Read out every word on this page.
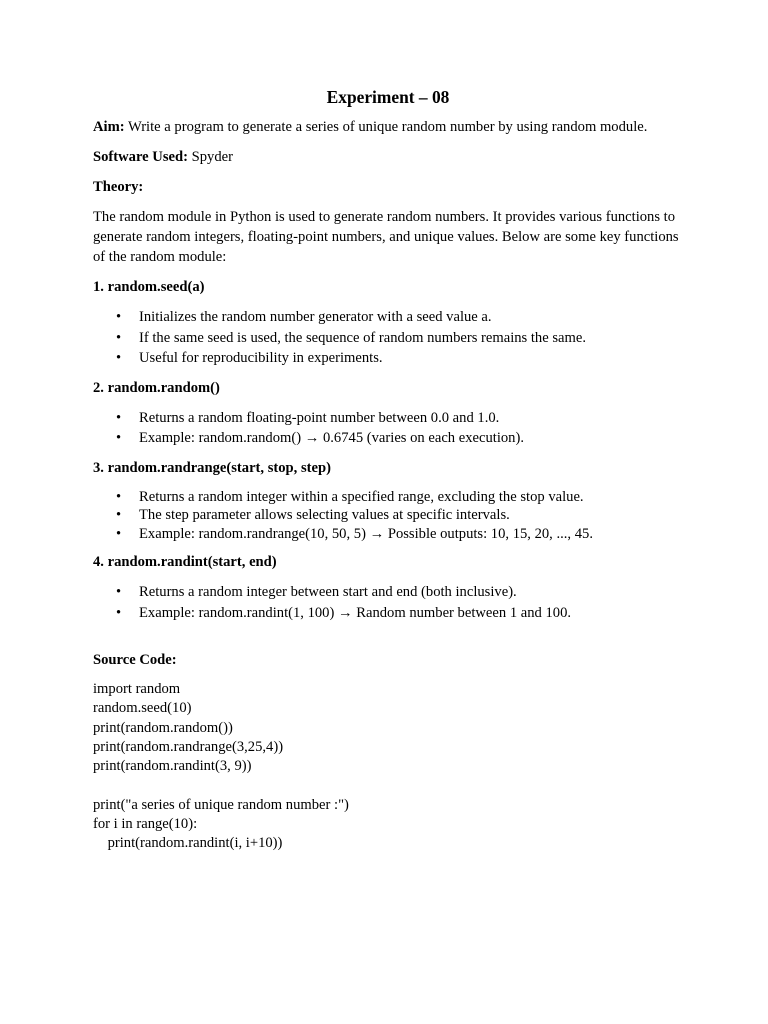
Experiment – 08
Aim: Write a program to generate a series of unique random number by using random module.
Software Used: Spyder
Theory:
The random module in Python is used to generate random numbers. It provides various functions to generate random integers, floating-point numbers, and unique values. Below are some key functions of the random module:
1. random.seed(a)
• Initializes the random number generator with a seed value a.
• If the same seed is used, the sequence of random numbers remains the same.
• Useful for reproducibility in experiments.
2. random.random()
• Returns a random floating-point number between 0.0 and 1.0.
• Example: random.random() → 0.6745 (varies on each execution).
3. random.randrange(start, stop, step)
• Returns a random integer within a specified range, excluding the stop value.
• The step parameter allows selecting values at specific intervals.
• Example: random.randrange(10, 50, 5) → Possible outputs: 10, 15, 20, ..., 45.
4. random.randint(start, end)
• Returns a random integer between start and end (both inclusive).
• Example: random.randint(1, 100) → Random number between 1 and 100.
Source Code:
import random
random.seed(10)
print(random.random())
print(random.randrange(3,25,4))
print(random.randint(3, 9))
print("a series of unique random number :")
for i in range(10):
print(random.randint(i, i+10))
